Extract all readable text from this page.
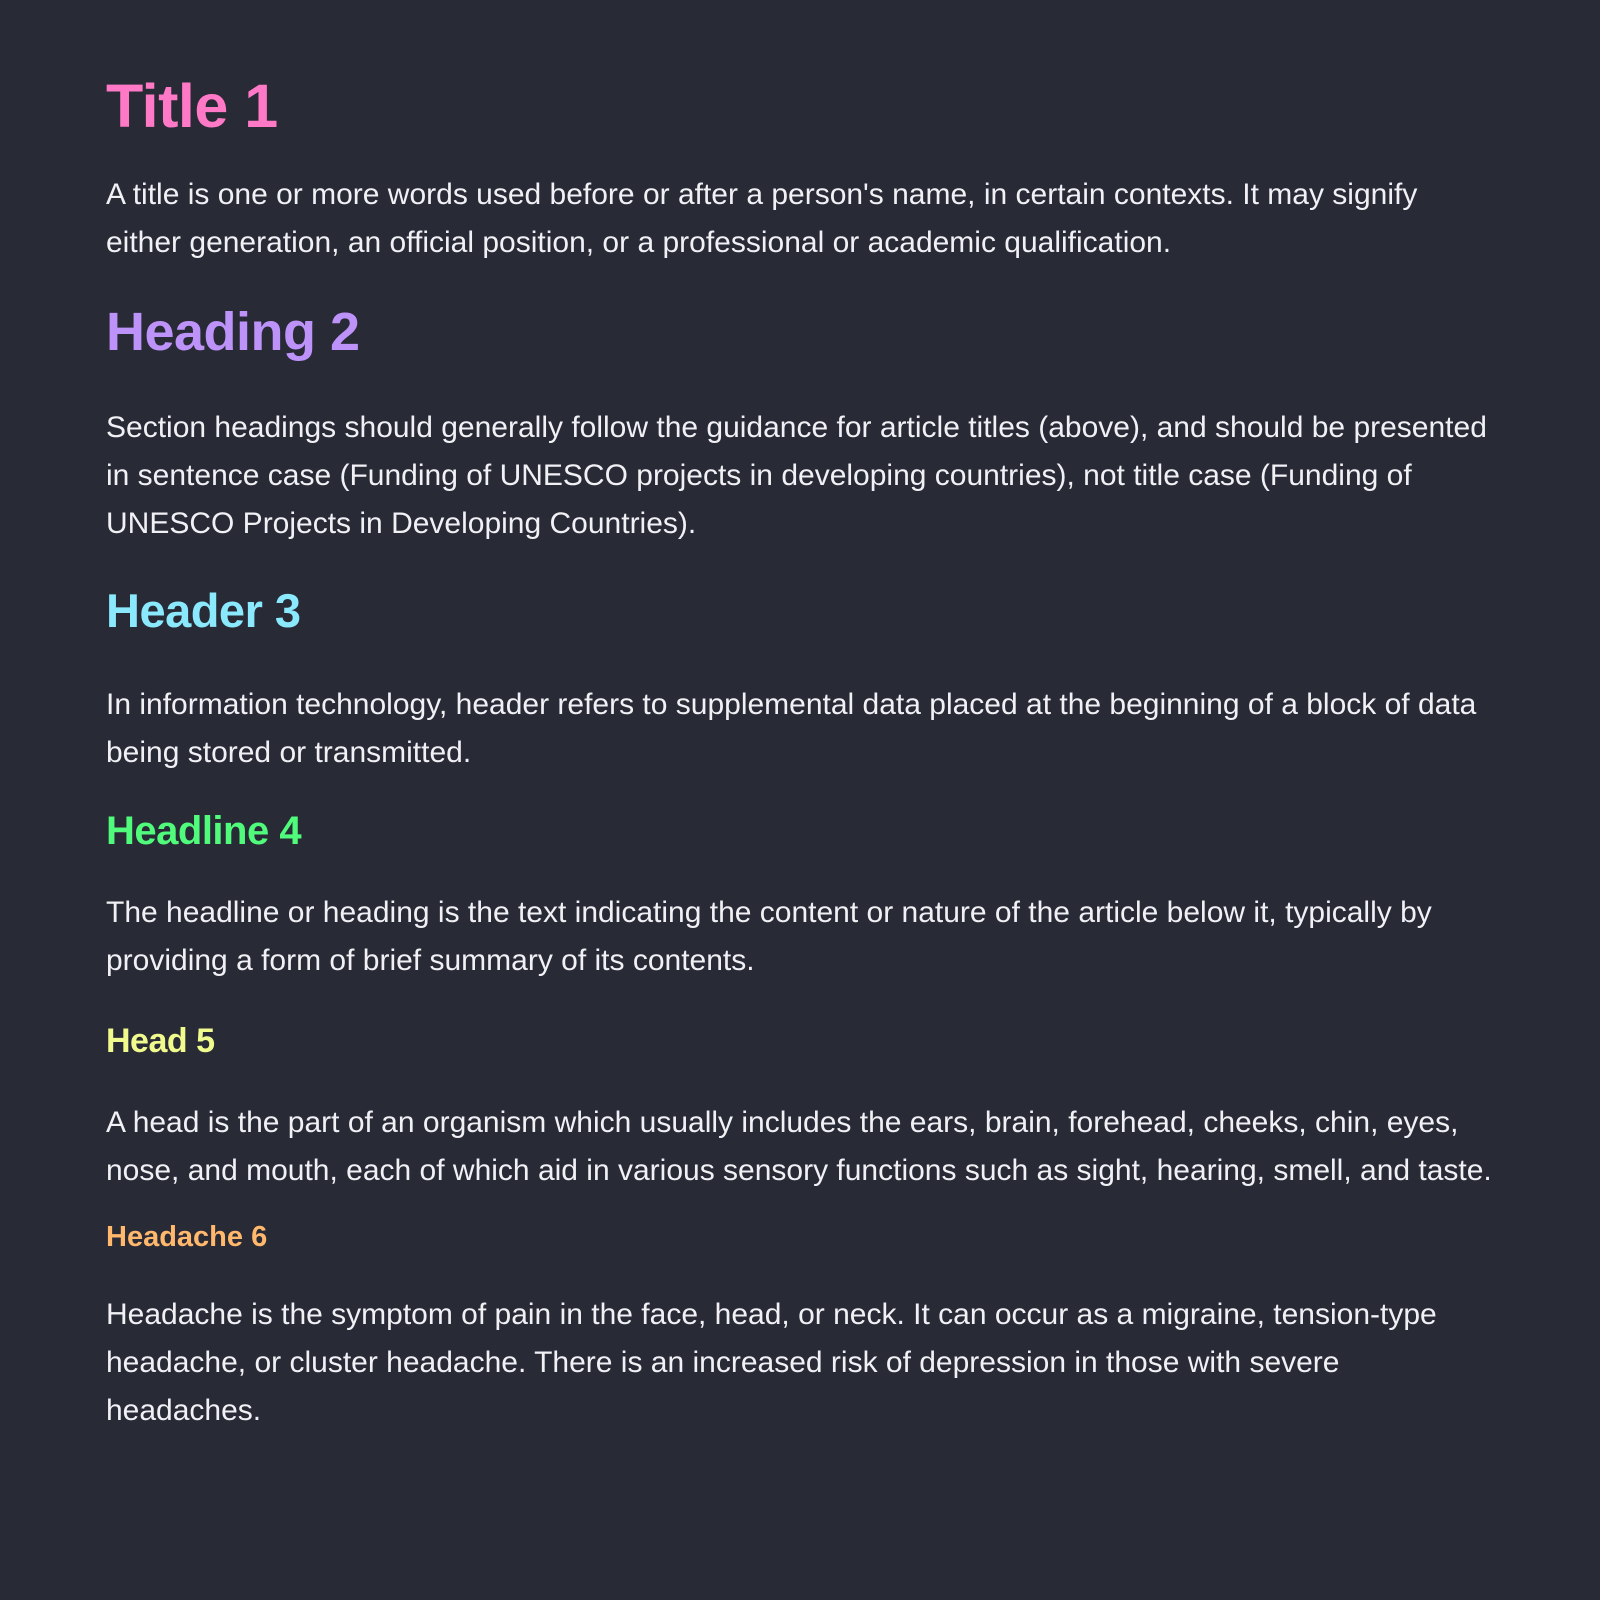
Title 1

A title is one or more words used before or after a person's name, in certain contexts. It may signify either generation, an official position, or a professional or academic qualification.

Heading 2

Section headings should generally follow the guidance for article titles (above), and should be presented in sentence case (Funding of UNESCO projects in developing countries), not title case (Funding of UNESCO Projects in Developing Countries).

Header 3

In information technology, header refers to supplemental data placed at the beginning of a block of data being stored or transmitted.

Headline 4

The headline or heading is the text indicating the content or nature of the article below it, typically by providing a form of brief summary of its contents.

Head 5

A head is the part of an organism which usually includes the ears, brain, forehead, cheeks, chin, eyes, nose, and mouth, each of which aid in various sensory functions such as sight, hearing, smell, and taste.

Headache 6

Headache is the symptom of pain in the face, head, or neck. It can occur as a migraine, tension-type headache, or cluster headache. There is an increased risk of depression in those with severe headaches.
